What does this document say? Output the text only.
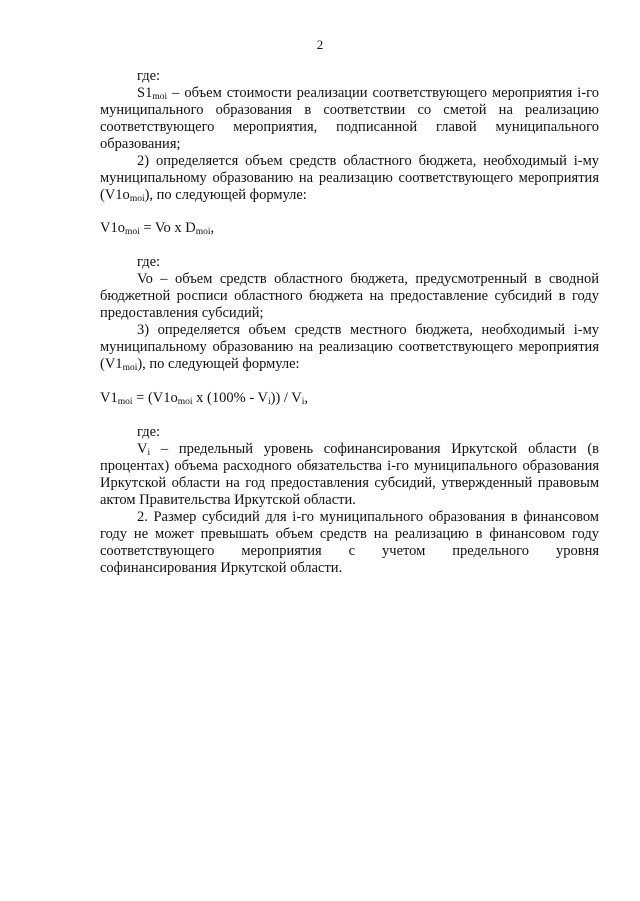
2

где:

$S1_{moi}$ – объем стоимости реализации соответствующего мероприятия i-го муниципального образования в соответствии со сметой на реализацию соответствующего мероприятия, подписанной главой муниципального образования;

2) определяется объем средств областного бюджета, необходимый i-му муниципальному образованию на реализацию соответствующего мероприятия $(V1o_{moi})$, по следующей формуле:

$V1o_{moi} = Vo$ x $D_{moi}$,

где:

Vo – объем средств областного бюджета, предусмотренный в сводной бюджетной росписи областного бюджета на предоставление субсидий в году предоставления субсидий;

3) определяется объем средств местного бюджета, необходимый i-му муниципальному образованию на реализацию соответствующего мероприятия $(V1_{moi})$, по следующей формуле:

$V1_{moi} = (V1o_{moi}$ x $(100\% - V_i)) / V_i$,

где:

$V_i$ – предельный уровень софинансирования Иркутской области (в процентах) объема расходного обязательства i-го муниципального образования Иркутской области на год предоставления субсидий, утвержденный правовым актом Правительства Иркутской области.

2. Размер субсидий для i-го муниципального образования в финансовом году не может превышать объем средств на реализацию в финансовом году соответствующего мероприятия с учетом предельного уровня софинансирования Иркутской области.
